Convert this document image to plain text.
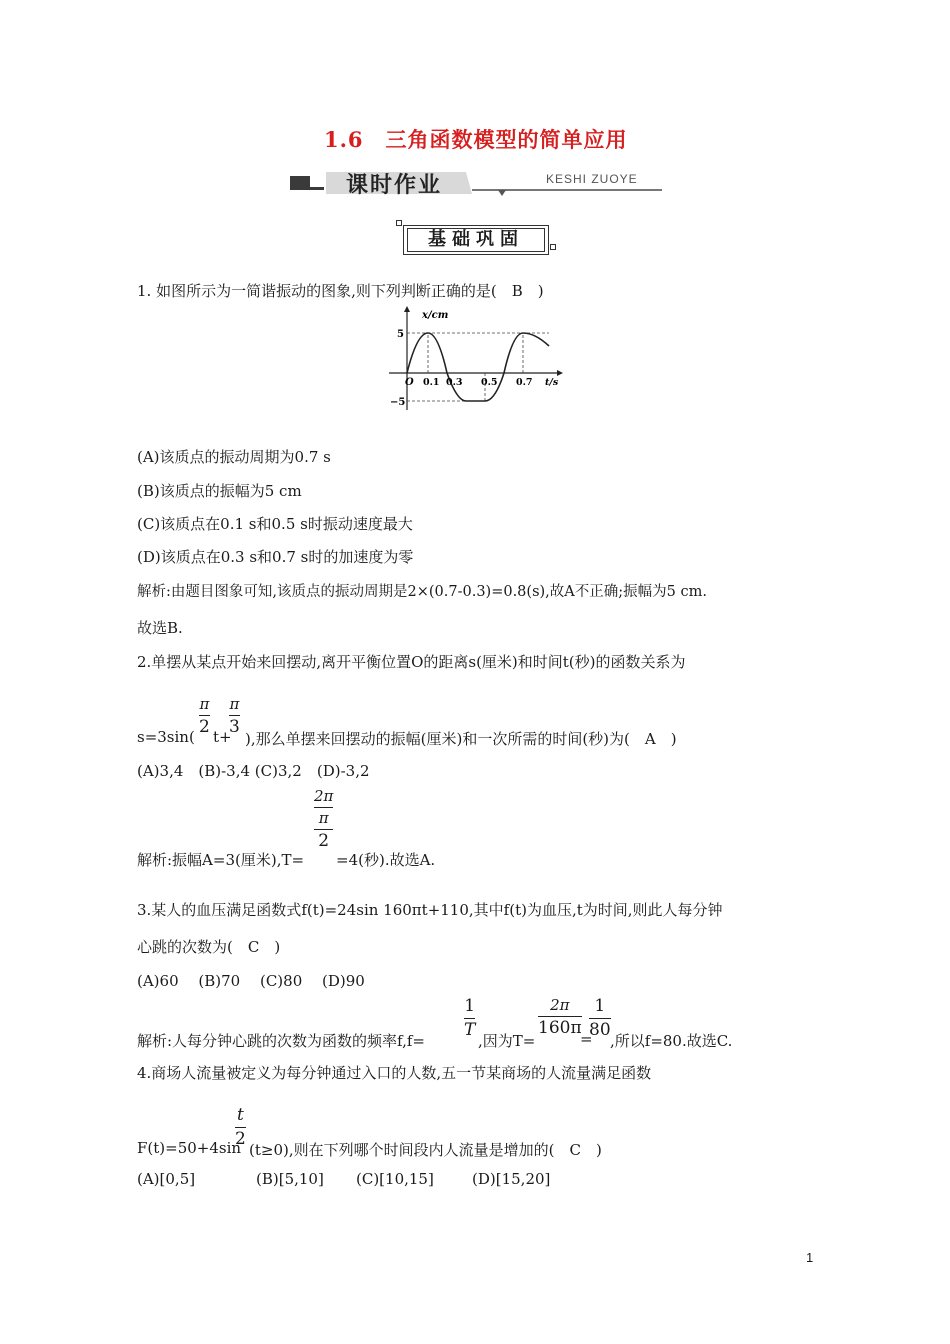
1.6　三角函数模型的简单应用
课时作业	KESHI ZUOYE
基础巩固
1. 如图所示为一简谐振动的图象,则下列判断正确的是(　B　)
x/cm
5
−5
O 0.1 0.3 0.5 0.7 t/s
(A)该质点的振动周期为0.7 s
(B)该质点的振幅为5 cm
(C)该质点在0.1 s和0.5 s时振动速度最大
(D)该质点在0.3 s和0.7 s时的加速度为零
解析:由题目图象可知,该质点的振动周期是2×(0.7-0.3)=0.8(s),故A不正确;振幅为5 cm.
故选B.
2.单摆从某点开始来回摆动,离开平衡位置O的距离s(厘米)和时间t(秒)的函数关系为
s=3sin(
π
2 t+
π
3
),那么单摆来回摆动的振幅(厘米)和一次所需的时间(秒)为(　A　)
(A)3,4　(B)-3,4 (C)3,2　(D)-3,2
解析:振幅A=3(厘米),T=
2π
π
2
=4(秒).故选A.
3.某人的血压满足函数式f(t)=24sin 160πt+110,其中f(t)为血压,t为时间,则此人每分钟
心跳的次数为(　C　)
(A)60　 (B)70　 (C)80　 (D)90
解析:人每分钟心跳的次数为函数的频率f,f=
1
T
,因为T=
2π
160π
=
1
80
,所以f=80.故选C.
4.商场人流量被定义为每分钟通过入口的人数,五一节某商场的人流量满足函数
F(t)=50+4sin
t
2
(t≥0),则在下列哪个时间段内人流量是增加的(　C　)
(A)[0,5]	(B)[5,10] (C)[10,15]	(D)[15,20]
1
